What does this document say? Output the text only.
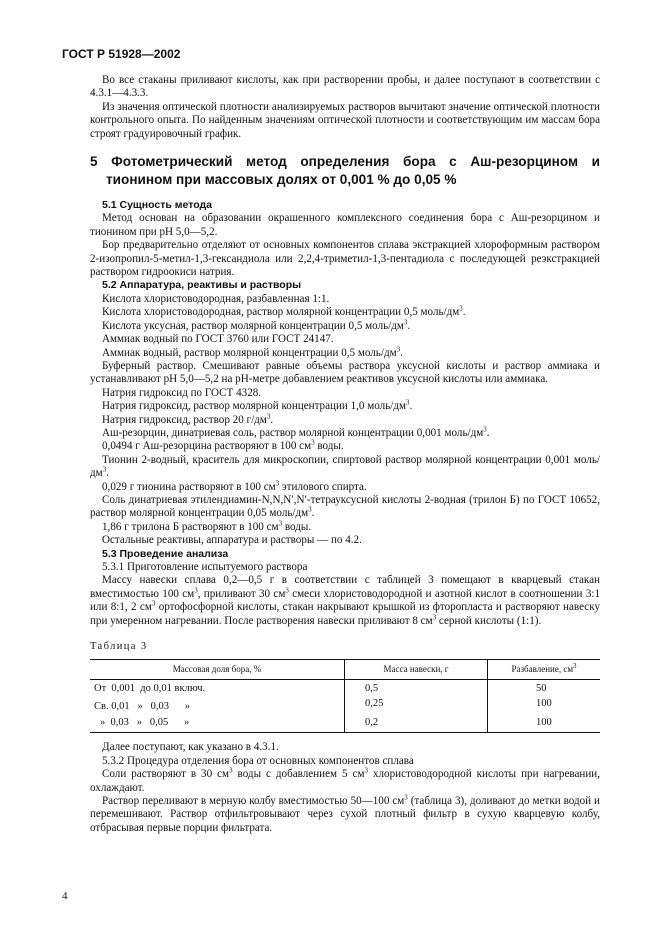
ГОСТ Р 51928—2002

Во все стаканы приливают кислоты, как при растворении пробы, и далее поступают в соответствии с 4.3.1—4.3.3.

Из значения оптической плотности анализируемых растворов вычитают значение оптической плотности контрольного опыта. По найденным значениям оптической плотности и соответствующим им массам бора строят градуировочный график.

5 Фотометрический метод определения бора с Аш-резорцином и тионином при массовых долях от 0,001 % до 0,05 %

5.1 Сущность метода

Метод основан на образовании окрашенного комплексного соединения бора с Аш-резорцином и тионином при pH 5,0—5,2.

Бор предварительно отделяют от основных компонентов сплава экстракцией хлороформным раствором 2-изопропил-5-метил-1,3-гександиола или 2,2,4-триметил-1,3-пентадиола с последующей реэкстракцией раствором гидроокиси натрия.

5.2 Аппаратура, реактивы и растворы

Кислота хлористоводородная, разбавленная 1:1.

Кислота хлористоводородная, раствор молярной концентрации 0,5 моль/$дм^3$.

Кислота уксусная, раствор молярной концентрации 0,5 моль/$дм^3$.

Аммиак водный по ГОСТ 3760 или ГОСТ 24147.

Аммиак водный, раствор молярной концентрации 0,5 моль/$дм^3$.

Буферный раствор. Смешивают равные объемы раствора уксусной кислоты и раствор аммиака и устанавливают pH 5,0—5,2 на pH-метре добавлением реактивов уксусной кислоты или аммиака.

Натрия гидроксид по ГОСТ 4328.

Натрия гидроксид, раствор молярной концентрации 1,0 моль/$дм^3$.

Натрия гидроксид, раствор 20 $г/дм^3$.

Аш-резорцин, динатриевая соль, раствор молярной концентрации 0,001 моль/$дм^3$.

0,0494 г Аш-резорцина растворяют в 100 $см^3$ воды.

Тионин 2-водный, краситель для микроскопии, спиртовой раствор молярной концентрации 0,001 моль/$дм^3$.

0,029 г тионина растворяют в 100 $см^3$ этилового спирта.

Соль динатриевая этилендиамин-N,N,N′,N′-тетрауксусной кислоты 2-водная (трилон Б) по ГОСТ 10652, раствор молярной концентрации 0,05 моль/$дм^3$.

1,86 г трилона Б растворяют в 100 $см^3$ воды.

Остальные реактивы, аппаратура и растворы — по 4.2.

5.3 Проведение анализа

5.3.1 Приготовление испытуемого раствора

Массу навески сплава 0,2—0,5 г в соответствии с таблицей 3 помещают в кварцевый стакан вместимостью 100 $см^3$, приливают 30 $см^3$ смеси хлористоводородной и азотной кислот в соотношении 3:1 или 8:1, 2 $см^3$ ортофосфорной кислоты, стакан накрывают крышкой из фторопласта и растворяют навеску при умеренном нагревании. После растворения навески приливают 8 $см^3$ серной кислоты (1:1).

Таблица 3

Массовая доля бора, %	Масса навески, г	Разбавление, $см^3$
От  0,001  до 0,01 включ.	0,5	50
Св. 0,01   »   0,03      »	0,25	100
»  0,03   »   0,05      »	0,2	100

Далее поступают, как указано в 4.3.1.

5.3.2 Процедура отделения бора от основных компонентов сплава

Соли растворяют в 30 $см^3$ воды с добавлением 5 $см^3$ хлористоводородной кислоты при нагревании, охлаждают.

Раствор переливают в мерную колбу вместимостью 50—100 $см^3$ (таблица 3), доливают до метки водой и перемешивают. Раствор отфильтровывают через сухой плотный фильтр в сухую кварцевую колбу, отбрасывая первые порции фильтрата.

4
